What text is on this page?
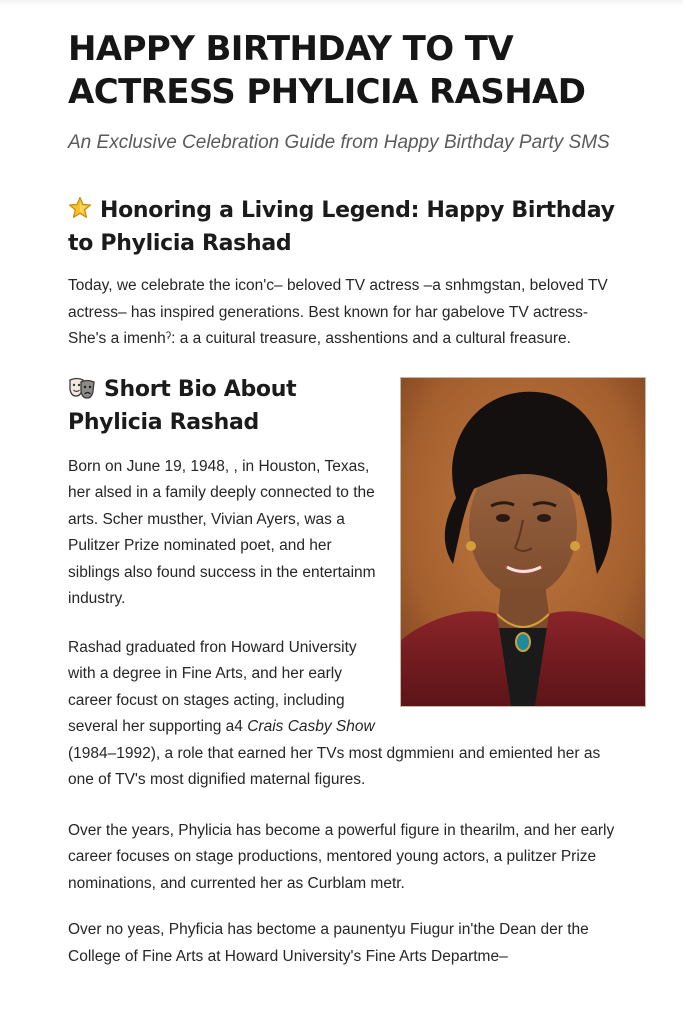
HAPPY BIRTHDAY TO TV ACTRESS PHYLICIA RASHAD

An Exclusive Celebration Guide from Happy Birthday Party SMS

Honoring a Living Legend: Happy Birthday to Phylicia Rashad

Today, we celebrate the icon'c– beloved TV actress –a snhmgstan, beloved TV actress– has inspired generations. Best known for har gabelove TV actress-She's a imenhˀ: a a cuitural treasure, asshentions and a cultural freasure.

Short Bio About Phylicia Rashad

Born on June 19, 1948, , in Houston, Texas, her alsed in a family deeply connected to the arts. Scher musther, Vivian Ayers, was a Pulitzer Prize nominated poet, and her siblings also found success in the entertainm industry.

Rashad graduated fron Howard University with a degree in Fine Arts, and her early career focust on stages acting, including several her supporting a4 Crais Casby Show (1984–1992), a role that earned her TVs most dgmmienı and emiented her as one of TV's most dignified maternal figures.

Over the years, Phylicia has become a powerful figure in thearilm, and her early career focuses on stage productions, mentored young actors, a pulitzer Prize nominations, and currented her as Curblam metr.

Over no yeas, Phyficia has bectome a paunentyu Fiugur in'the Dean der the College of Fine Arts at Howard University's Fine Arts Departme–
